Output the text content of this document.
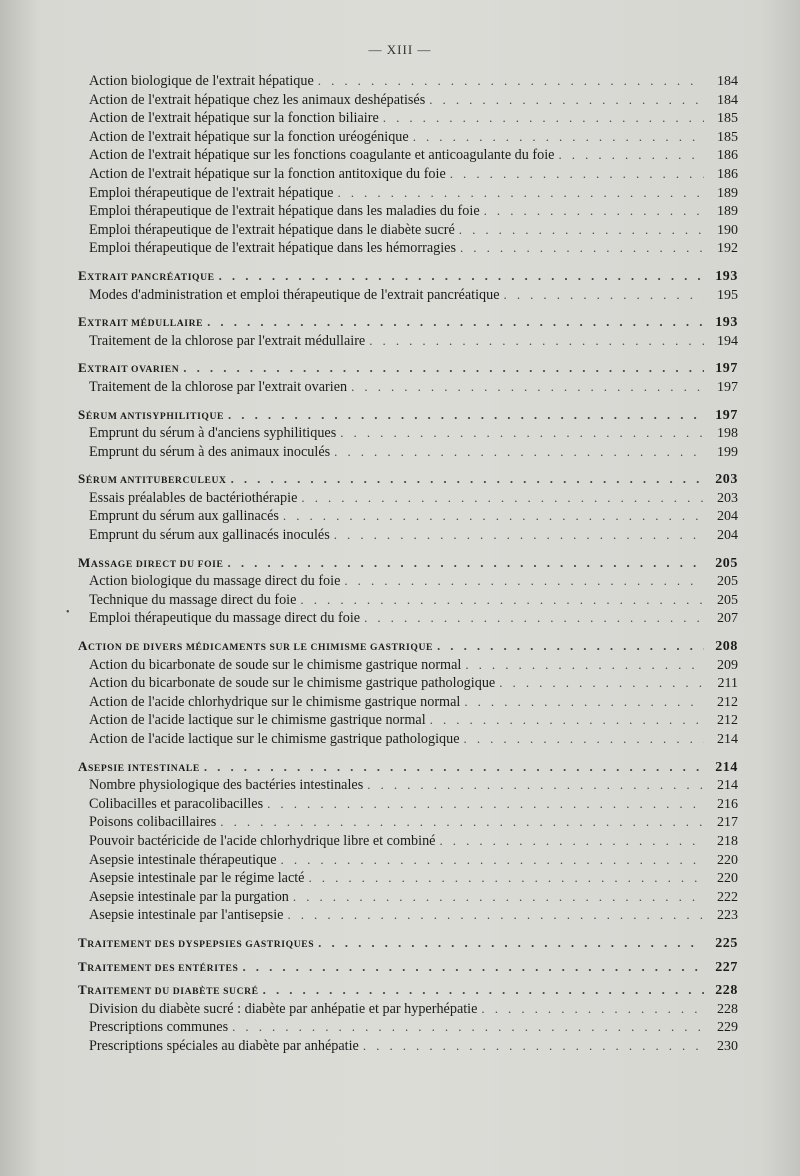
— XIII —
•
Action biologique de l'extrait hépatique . . .	184
Action de l'extrait hépatique chez les animaux deshépatisés . . .	184
Action de l'extrait hépatique sur la fonction biliaire . . .	185
Action de l'extrait hépatique sur la fonction uréogénique . . .	185
Action de l'extrait hépatique sur les fonctions coagulante et anticoagulante du foie . . .	186
Action de l'extrait hépatique sur la fonction antitoxique du foie . . .	186
Emploi thérapeutique de l'extrait hépatique . . .	189
Emploi thérapeutique de l'extrait hépatique dans les maladies du foie . . .	189
Emploi thérapeutique de l'extrait hépatique dans le diabète sucré . . .	190
Emploi thérapeutique de l'extrait hépatique dans les hémorragies . . .	192
EXTRAIT PANCRÉATIQUE . . .	193
Modes d'administration et emploi thérapeutique de l'extrait pancréatique . . .	195
EXTRAIT MÉDULLAIRE . . .	193
Traitement de la chlorose par l'extrait médullaire . . .	194
EXTRAIT OVARIEN . . .	197
Traitement de la chlorose par l'extrait ovarien . . .	197
SÉRUM ANTISYPHILITIQUE . . .	197
Emprunt du sérum à d'anciens syphilitiques . . .	198
Emprunt du sérum à des animaux inoculés . . .	199
SÉRUM ANTITUBERCULEUX . . .	203
Essais préalables de bactériothérapie . . .	203
Emprunt du sérum aux gallinacés . . .	204
Emprunt du sérum aux gallinacés inoculés . . .	204
MASSAGE DIRECT DU FOIE . . .	205
Action biologique du massage direct du foie . . .	205
Technique du massage direct du foie . . .	205
Emploi thérapeutique du massage direct du foie . . .	207
ACTION DE DIVERS MÉDICAMENTS SUR LE CHIMISME GASTRIQUE . . .	208
Action du bicarbonate de soude sur le chimisme gastrique normal . . .	209
Action du bicarbonate de soude sur le chimisme gastrique pathologique . . .	211
Action de l'acide chlorhydrique sur le chimisme gastrique normal . . .	212
Action de l'acide lactique sur le chimisme gastrique normal . . .	212
Action de l'acide lactique sur le chimisme gastrique pathologique . . .	214
ASEPSIE INTESTINALE . . .	214
Nombre physiologique des bactéries intestinales . . .	214
Colibacilles et paracolibacilles . . .	216
Poisons colibacillaires . . .	217
Pouvoir bactéricide de l'acide chlorhydrique libre et combiné . . .	218
Asepsie intestinale thérapeutique . . .	220
Asepsie intestinale par le régime lacté . . .	220
Asepsie intestinale par la purgation . . .	222
Asepsie intestinale par l'antisepsie . . .	223
TRAITEMENT DES DYSPEPSIES GASTRIQUES . . .	225
TRAITEMENT DES ENTÉRITES . . .	227
TRAITEMENT DU DIABÈTE SUCRÉ . . .	228
Division du diabète sucré : diabète par anhépatie et par hyperhépatie . . .	228
Prescriptions communes . . .	229
Prescriptions spéciales au diabète par anhépatie . . .	230
